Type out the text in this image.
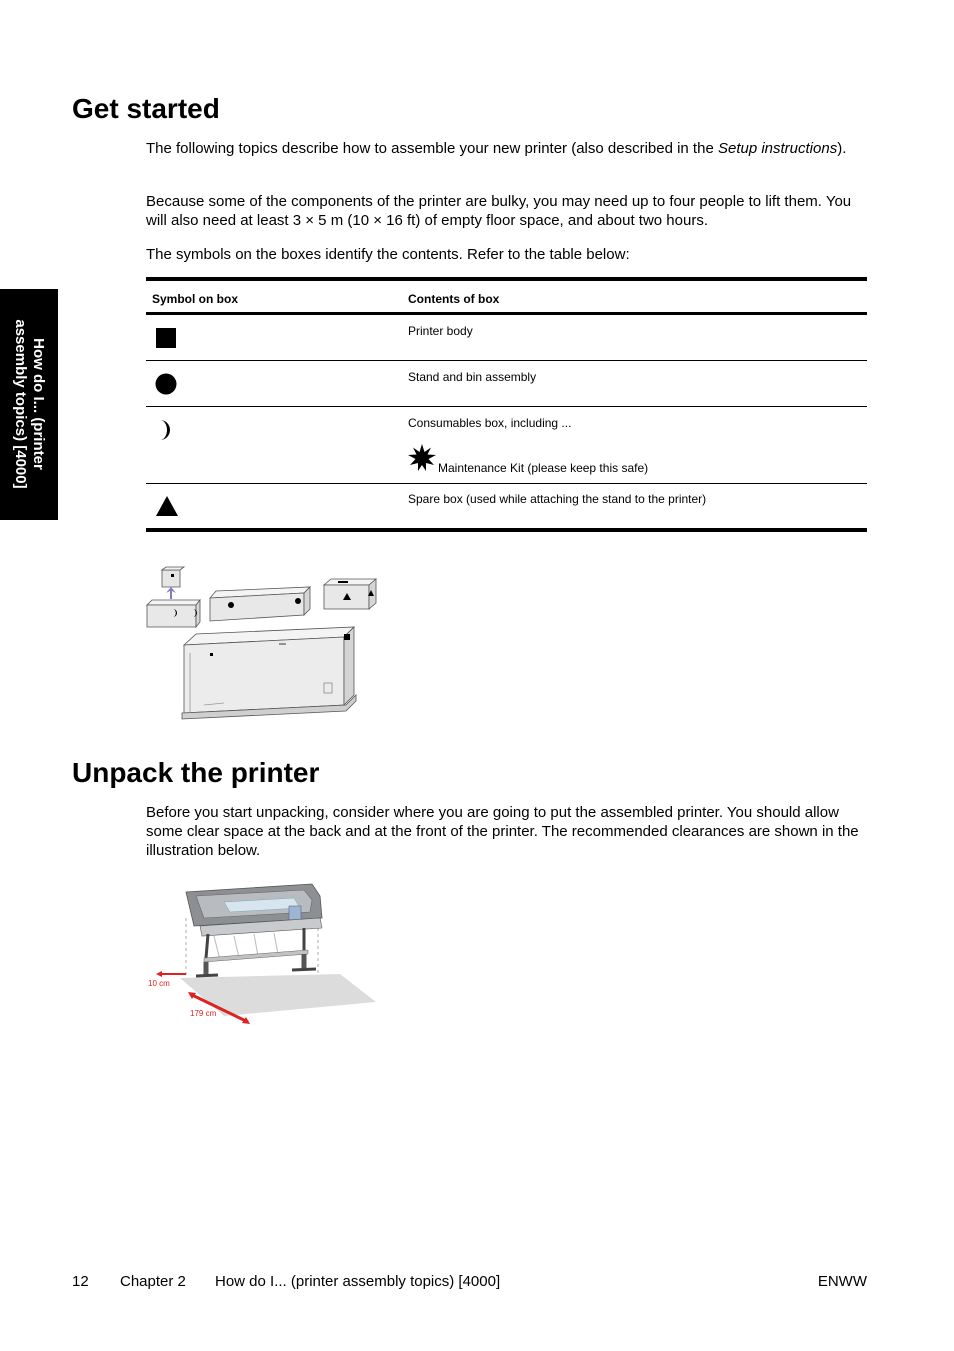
How do I... (printer
assembly topics) [4000]
Get started

The following topics describe how to assemble your new printer (also described in the Setup instructions).

Because some of the components of the printer are bulky, you may need up to four people to lift them. You will also need at least 3 × 5 m (10 × 16 ft) of empty floor space, and about two hours.

The symbols on the boxes identify the contents. Refer to the table below:

Symbol on box	Contents of box
Printer body
Stand and bin assembly
Consumables box, including ...
Maintenance Kit (please keep this safe)
Spare box (used while attaching the stand to the printer)
Unpack the printer

Before you start unpacking, consider where you are going to put the assembled printer. You should allow some clear space at the back and at the front of the printer. The recommended clearances are shown in the illustration below.

10 cm
179 cm
12 Chapter 2 How do I... (printer assembly topics) [4000]	ENWW
